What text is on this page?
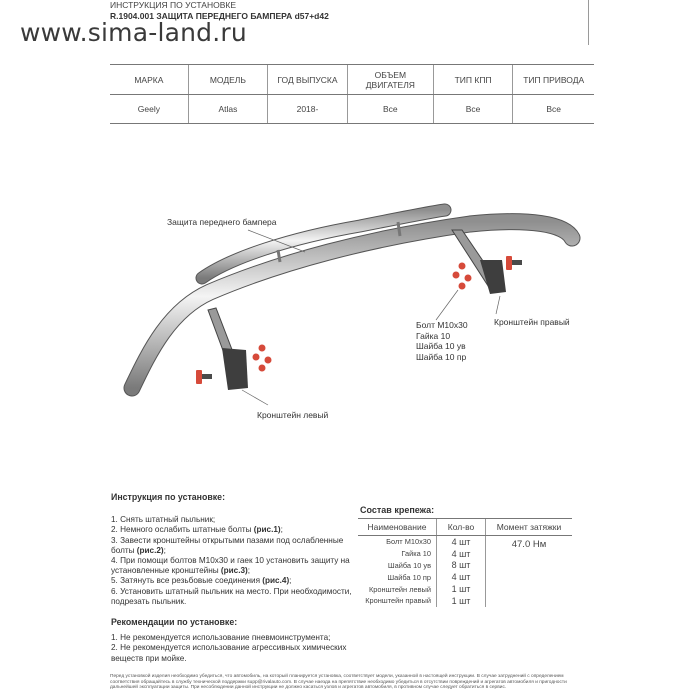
www.sima-land.ru
ИНСТРУКЦИЯ ПО УСТАНОВКЕ
R.1904.001 ЗАЩИТА ПЕРЕДНЕГО БАМПЕРА d57+d42
МАРКА	МОДЕЛЬ	ГОД ВЫПУСКА	ОБЪЕМ ДВИГАТЕЛЯ	ТИП КПП	ТИП ПРИВОДА
Geely	Atlas	2018-	Все	Все	Все
Защита переднего бампера
Болт М10х30
Гайка 10
Шайба 10 ув
Шайба 10 пр
Кронштейн правый
Кронштейн левый
Инструкция по установке:

1. Снять штатный пыльник;

2. Немного ослабить штатные болты (рис.1);

3. Завести кронштейны открытыми пазами под ослабленные болты (рис.2);

4. При помощи болтов М10х30 и гаек 10 установить защиту на установленные кронштейны (рис.3);

5. Затянуть все резьбовые соединения (рис.4);

6. Установить штатный пыльник на место. При необходимости, подрезать пыльник.

Рекомендации по установке:

1. Не рекомендуется использование пневмоинструмента;

2. Не рекомендуется использование агрессивных химических веществ при мойке.

Состав крепежа:
Наименование	Кол-во	Момент затяжки
Болт М10х30	4 шт	47.0 Нм
Гайка 10	4 шт	
Шайба 10 ув	8 шт	
Шайба 10 пр	4 шт	
Кронштейн левый	1 шт	
Кронштейн правый	1 шт	
Перед установкой изделия необходимо убедиться, что автомобиль, на который планируется установка, соответствует модели, указанной в настоящей инструкции. В случае затруднений с определением соответствия обращайтесь в службу технической поддержки supp@rivalauto.com. В случае наезда на препятствие необходимо убедиться в отсутствии повреждений и агрегатов автомобиля и пригодности дальнейшей эксплуатации защиты. При несоблюдении данной инструкции не должно касаться узлов и агрегатов автомобиля, в противном случае следует обратиться в сервис.
